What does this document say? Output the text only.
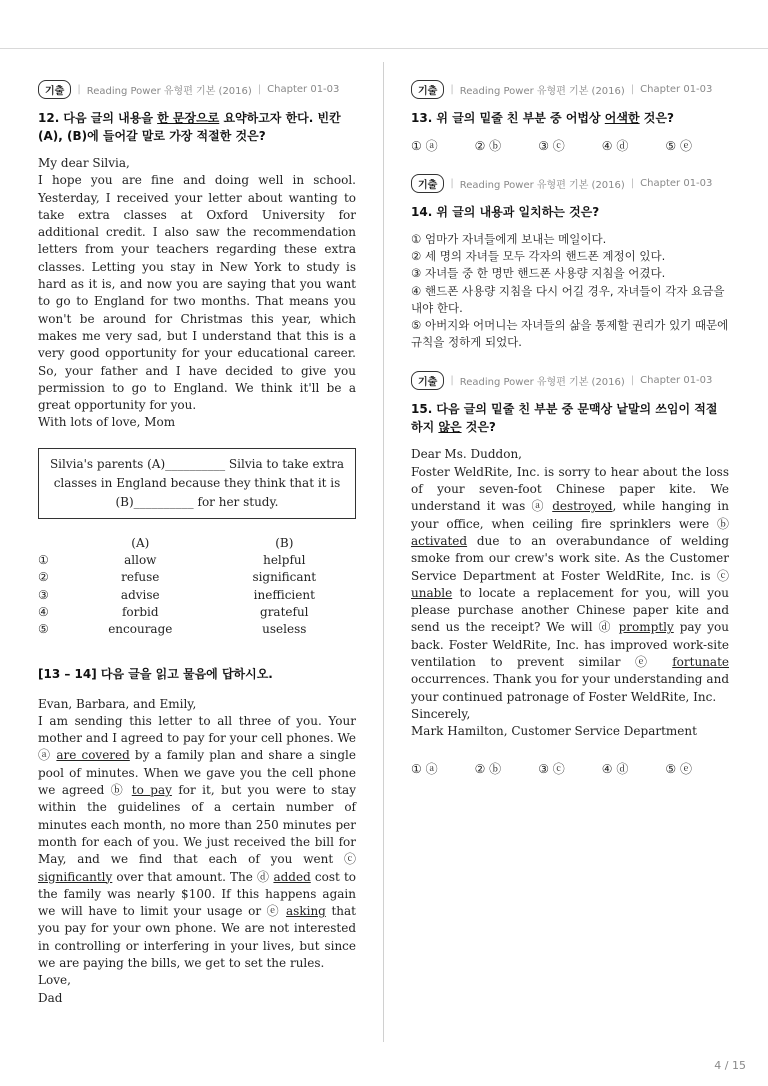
기출	| Reading Power 유형편 기본 (2016) | Chapter 01-03

12. 다음 글의 내용을 한 문장으로 요약하고자 한다. 빈칸 (A), (B)에 들어갈 말로 가장 적절한 것은?

My dear Silvia,
I hope you are fine and doing well in school. Yesterday, I received your letter about wanting to take extra classes at Oxford University for additional credit. I also saw the recommendation letters from your teachers regarding these extra classes. Letting you stay in New York to study is hard as it is, and now you are saying that you want to go to England for two months. That means you won't be around for Christmas this year, which makes me very sad, but I understand that this is a very good opportunity for your educational career. So, your father and I have decided to give you permission to go to England. We think it'll be a great opportunity for you.
With lots of love, Mom

Silvia's parents (A)__________ Silvia to take extra classes in England because they think that it is (B)__________ for her study.
	(A)	(B)
①	allow	helpful
②	refuse	significant
③	advise	inefficient
④	forbid	grateful
⑤	encourage	useless
[13 – 14] 다음 글을 읽고 물음에 답하시오.

Evan, Barbara, and Emily,
I am sending this letter to all three of you. Your mother and I agreed to pay for your cell phones. We ⓐ are covered by a family plan and share a single pool of minutes. When we gave you the cell phone we agreed ⓑ to pay for it, but you were to stay within the guidelines of a certain number of minutes each month, no more than 250 minutes per month for each of you. We just received the bill for May, and we find that each of you went ⓒ significantly over that amount. The ⓓ added cost to the family was nearly $100. If this happens again we will have to limit your usage or ⓔ asking that you pay for your own phone. We are not interested in controlling or interfering in your lives, but since we are paying the bills, we get to set the rules.
Love,
Dad

기출	| Reading Power 유형편 기본 (2016) | Chapter 01-03

13. 위 글의 밑줄 친 부분 중 어법상 어색한 것은?

① ⓐ	② ⓑ	③ ⓒ	④ ⓓ	⑤ ⓔ
기출	| Reading Power 유형편 기본 (2016) | Chapter 01-03

14. 위 글의 내용과 일치하는 것은?

① 엄마가 자녀들에게 보내는 메일이다.
② 세 명의 자녀들 모두 각자의 핸드폰 계정이 있다.
③ 자녀들 중 한 명만 핸드폰 사용량 지침을 어겼다.
④ 핸드폰 사용량 지침을 다시 어길 경우, 자녀들이 각자 요금을 내야 한다.
⑤ 아버지와 어머니는 자녀들의 삶을 통제할 권리가 있기 때문에 규칙을 정하게 되었다.
기출	| Reading Power 유형편 기본 (2016) | Chapter 01-03

15. 다음 글의 밑줄 친 부분 중 문맥상 낱말의 쓰임이 적절하지 않은 것은?

Dear Ms. Duddon,
Foster WeldRite, Inc. is sorry to hear about the loss of your seven-foot Chinese paper kite. We understand it was ⓐ destroyed, while hanging in your office, when ceiling fire sprinklers were ⓑ activated due to an overabundance of welding smoke from our crew's work site. As the Customer Service Department at Foster WeldRite, Inc. is ⓒ unable to locate a replacement for you, will you please purchase another Chinese paper kite and send us the receipt? We will ⓓ promptly pay you back. Foster WeldRite, Inc. has improved work-site ventilation to prevent similar ⓔ fortunate occurrences. Thank you for your understanding and your continued patronage of Foster WeldRite, Inc.
Sincerely,
Mark Hamilton, Customer Service Department

① ⓐ	② ⓑ	③ ⓒ	④ ⓓ	⑤ ⓔ
4 / 15
